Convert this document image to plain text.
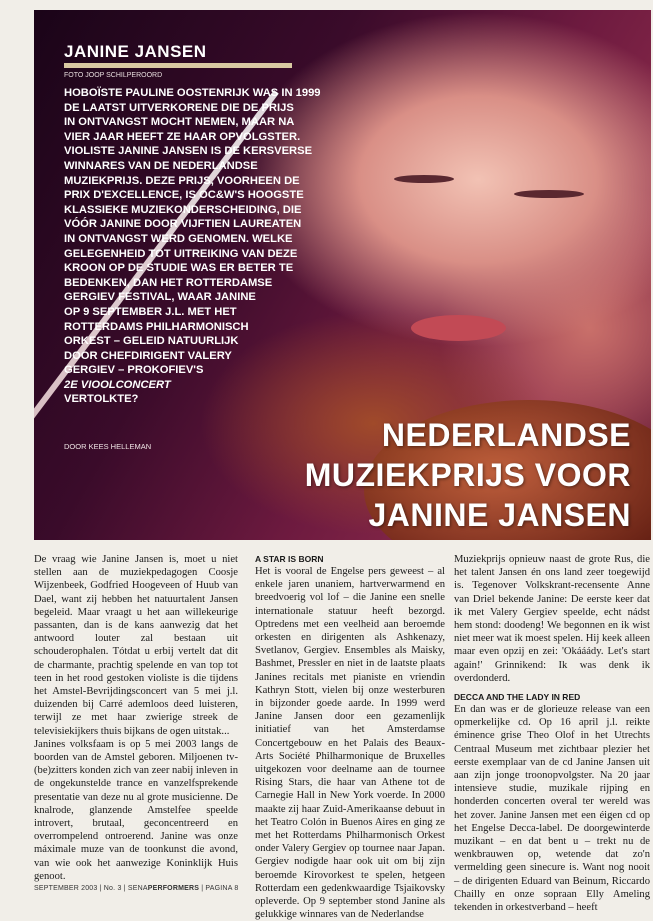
JANINE JANSEN
FOTO JOOP SCHILPEROORD

HOBOÏSTE PAULINE OOSTENRIJK WAS IN 1999
DE LAATST UITVERKORENE DIE DE PRIJS
IN ONTVANGST MOCHT NEMEN, MAAR NA
VIER JAAR HEEFT ZE HAAR OPVOLGSTER.
VIOLISTE JANINE JANSEN IS DE KERSVERSE
WINNARES VAN DE NEDERLANDSE
MUZIEKPRIJS. DEZE PRIJS, VOORHEEN DE
PRIX D'EXCELLENCE, IS OC&W'S HOOGSTE
KLASSIEKE MUZIEKONDERSCHEIDING, DIE
VÓÓR JANINE DOOR VIJFTIEN LAUREATEN
IN ONTVANGST WERD GENOMEN. WELKE
GELEGENHEID TOT UITREIKING VAN DEZE
KROON OP DE STUDIE WAS ER BETER TE
BEDENKEN, DAN HET ROTTERDAMSE
GERGIEV FESTIVAL, WAAR JANINE
OP 9 SEPTEMBER J.L. MET HET
ROTTERDAMS PHILHARMONISCH
ORKEST – GELEID NATUURLIJK
DOOR CHEFDIRIGENT VALERY
GERGIEV – PROKOFIEV'S
2E VIOOLCONCERT
VERTOLKTE?

DOOR KEES HELLEMAN	NEDERLANDSE
MUZIEKPRIJS VOOR
JANINE JANSEN

De vraag wie Janine Jansen is, moet u niet stellen aan de muziekpedagogen Coosje Wijzenbeek, Godfried Hoogeveen of Huub van Dael, want zij hebben het natuurtalent Jansen begeleid. Maar vraagt u het aan willekeurige passanten, dan is de kans aanwezig dat het antwoord louter zal bestaan uit schouderophalen. Tótdat u erbij vertelt dat dit de charmante, prachtig spelende en van top tot teen in het rood gestoken violiste is die tijdens het Amstel-Bevrijdingsconcert van 5 mei j.l. duizenden bij Carré ademloos deed luisteren, terwijl ze met haar zwierige streek de televisiekijkers thuis bijkans de ogen uitstak...

Janines volksfaam is op 5 mei 2003 langs de boorden van de Amstel geboren. Miljoenen tv-(be)zitters konden zich van zeer nabij inleven in de ongekunstelde trance en vanzelfsprekende presentatie van deze nu al grote musicienne. De knalrode, glanzende Amstelfee speelde introvert, brutaal, geconcentreerd en overrompelend ontroerend. Janine was onze máximale muze van de toonkunst die avond, van wie ook het aanwezige Koninklijk Huis genoot.

A STAR IS BORN

Het is vooral de Engelse pers geweest – al enkele jaren unaniem, hartverwarmend en breedvoerig vol lof – die Janine een snelle internationale statuur heeft bezorgd. Optredens met een veelheid aan beroemde orkesten en dirigenten als Ashkenazy, Svetlanov, Gergiev. Ensembles als Maisky, Bashmet, Pressler en niet in de laatste plaats Janines recitals met pianiste en vriendin Kathryn Stott, vielen bij onze westerburen in bijzonder goede aarde. In 1999 werd Janine Jansen door een gezamenlijk initiatief van het Amsterdamse Concertgebouw en het Palais des Beaux-Arts Société Philharmonique de Bruxelles uitgekozen voor deelname aan de tournee Rising Stars, die haar van Athene tot de Carnegie Hall in New York voerde. In 2000 maakte zij haar Zuid-Amerikaanse debuut in het Teatro Colón in Buenos Aires en ging ze met het Rotterdams Philharmonisch Orkest onder Valery Gergiev op tournee naar Japan. Gergiev nodigde haar ook uit om bij zijn beroemde Kirovorkest te spelen, hetgeen Rotterdam een gedenkwaardige Tsjaikovsky opleverde. Op 9 september stond Janine als gelukkige winnares van de Nederlandse

Muziekprijs opnieuw naast de grote Rus, die het talent Jansen én ons land zeer toegewijd is. Tegenover Volkskrant-recensente Anne van Driel bekende Janine: De eerste keer dat ik met Valery Gergiev speelde, echt nádst hem stond: doodeng! We begonnen en ik wist niet meer wat ik moest spelen. Hij keek alleen maar even opzij en zei: 'Okááády. Let's start again!' Grinnikend: Ik was denk ik overdonderd.

DECCA AND THE LADY IN RED

En dan was er de glorieuze release van een opmerkelijke cd. Op 16 april j.l. reikte éminence grise Theo Olof in het Utrechts Centraal Museum met zichtbaar plezier het eerste exemplaar van de cd Janine Jansen uit aan zijn jonge troonopvolgster. Na 20 jaar intensieve studie, muzikale rijping en honderden concerten overal ter wereld was het zover. Janine Jansen met een éigen cd op het Engelse Decca-label. De doorgewinterde muzikant – en dat bent u – trekt nu de wenkbrauwen op, wetende dat zo'n vermelding geen sinecure is. Want nog nooit – de dirigenten Eduard van Beinum, Riccardo Chailly en onze sopraan Elly Ameling tekenden in orkestverband – heeft

SEPTEMBER 2003 | No. 3 | SENAPERFORMERS | PAGINA 8
